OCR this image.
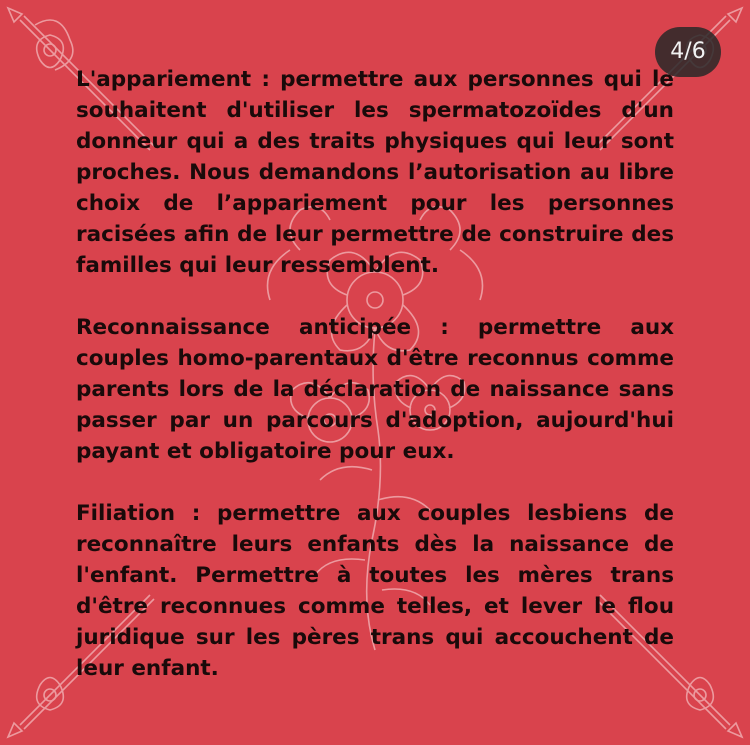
4/6

L'appariement : permettre aux personnes qui le souhaitent d'utiliser les spermatozoïdes d'un donneur qui a des traits physiques qui leur sont proches. Nous demandons l’autorisation au libre choix de l’appariement pour les personnes racisées afin de leur permettre de construire des familles qui leur ressemblent.

Reconnaissance anticipée : permettre aux couples homo-parentaux d'être reconnus comme parents lors de la déclaration de naissance sans passer par un parcours d'adoption, aujourd'hui payant et obligatoire pour eux.

Filiation : permettre aux couples lesbiens de reconnaître leurs enfants dès la naissance de l'enfant. Permettre à toutes les mères trans d'être reconnues comme telles, et lever le flou juridique sur les pères trans qui accouchent de leur enfant.
